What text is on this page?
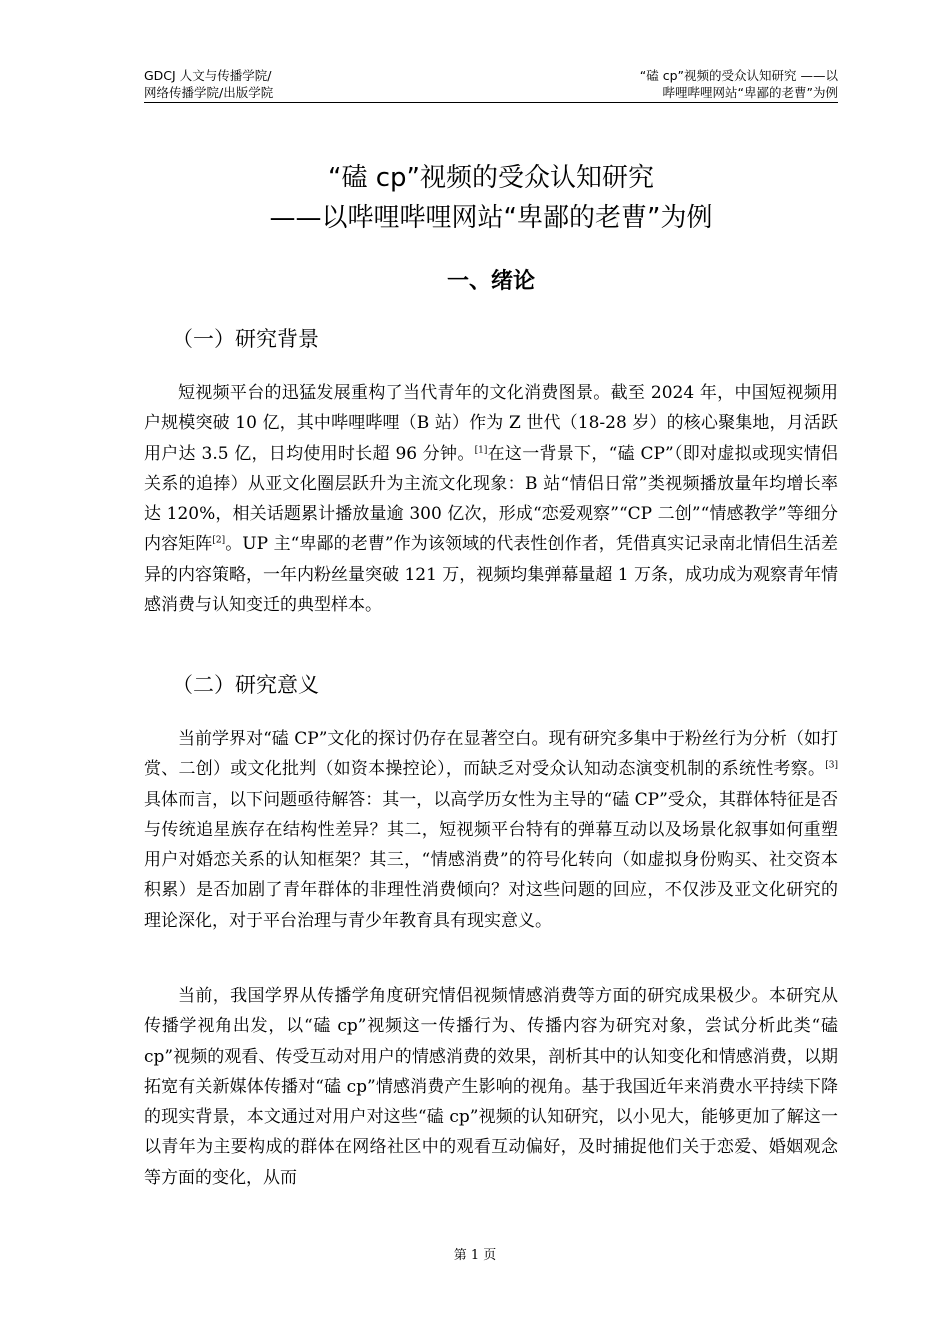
GDCJ 人文与传播学院/
网络传播学院/出版学院
“磕 cp”视频的受众认知研究 ——以
哔哩哔哩网站“卑鄙的老曹”为例
“磕 cp”视频的受众认知研究
——以哔哩哔哩网站“卑鄙的老曹”为例
一、绪论
（一）研究背景

短视频平台的迅猛发展重构了当代青年的文化消费图景。截至 2024 年，中国短视频用户规模突破 10 亿，其中哔哩哔哩（B 站）作为 Z 世代（18-28 岁）的核心聚集地，月活跃用户达 3.5 亿，日均使用时长超 96 分钟。[1]在这一背景下，“磕 CP”（即对虚拟或现实情侣关系的追捧）从亚文化圈层跃升为主流文化现象：B 站“情侣日常”类视频播放量年均增长率达 120%，相关话题累计播放量逾 300 亿次，形成“恋爱观察”“CP 二创”“情感教学”等细分内容矩阵[2]。UP 主“卑鄙的老曹”作为该领域的代表性创作者，凭借真实记录南北情侣生活差异的内容策略，一年内粉丝量突破 121 万，视频均集弹幕量超 1 万条，成功成为观察青年情感消费与认知变迁的典型样本。

（二）研究意义

当前学界对“磕 CP”文化的探讨仍存在显著空白。现有研究多集中于粉丝行为分析（如打赏、二创）或文化批判（如资本操控论），而缺乏对受众认知动态演变机制的系统性考察。[3]具体而言，以下问题亟待解答：其一，以高学历女性为主导的“磕 CP”受众，其群体特征是否与传统追星族存在结构性差异？其二，短视频平台特有的弹幕互动以及场景化叙事如何重塑用户对婚恋关系的认知框架？其三，“情感消费”的符号化转向（如虚拟身份购买、社交资本积累）是否加剧了青年群体的非理性消费倾向？对这些问题的回应，不仅涉及亚文化研究的理论深化，对于平台治理与青少年教育具有现实意义。

当前，我国学界从传播学角度研究情侣视频情感消费等方面的研究成果极少。本研究从传播学视角出发，以“磕 cp”视频这一传播行为、传播内容为研究对象，尝试分析此类“磕 cp”视频的观看、传受互动对用户的情感消费的效果，剖析其中的认知变化和情感消费，以期拓宽有关新媒体传播对“磕 cp”情感消费产生影响的视角。基于我国近年来消费水平持续下降的现实背景，本文通过对用户对这些“磕 cp”视频的认知研究，以小见大，能够更加了解这一以青年为主要构成的群体在网络社区中的观看互动偏好，及时捕捉他们关于恋爱、婚姻观念等方面的变化，从而

第 1 页
